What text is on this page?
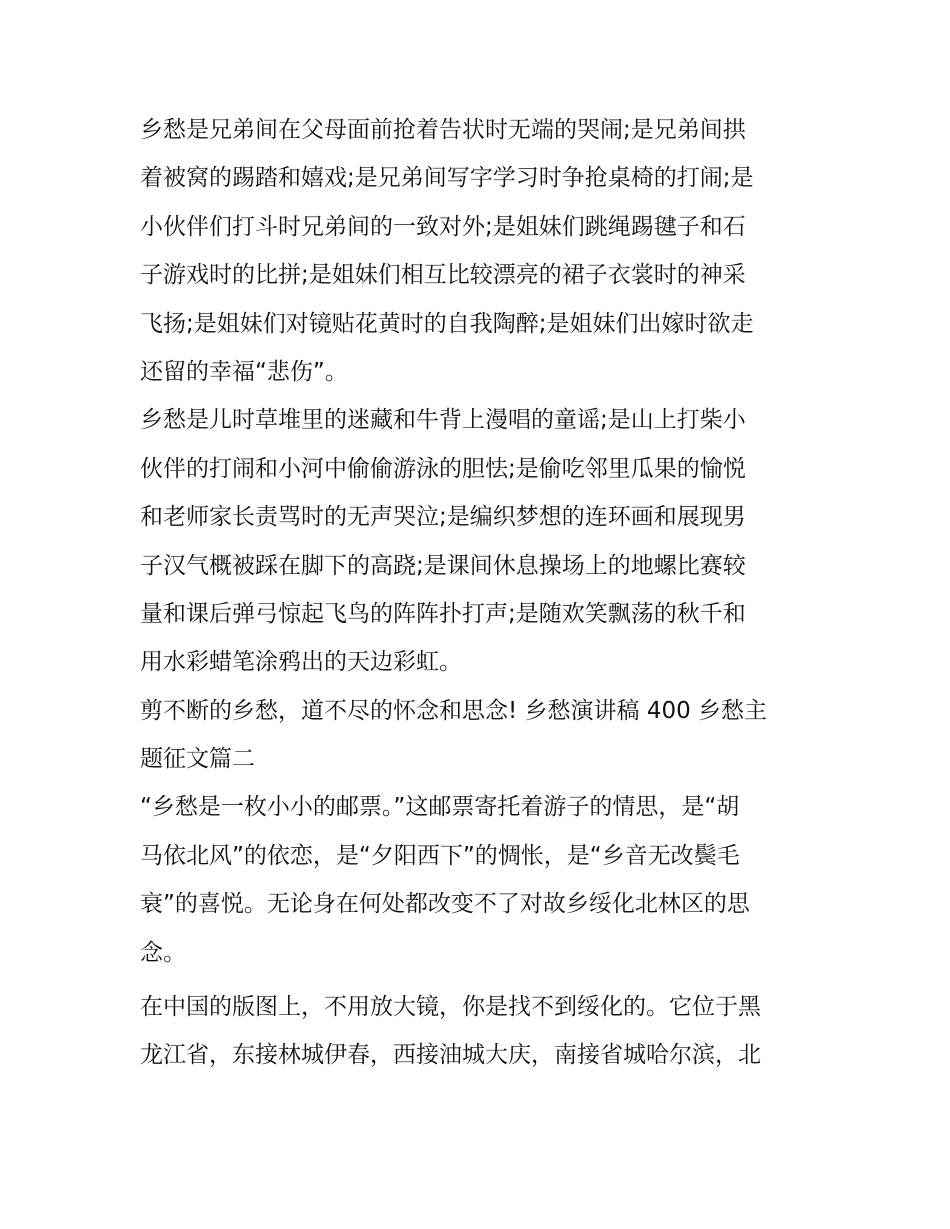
乡愁是兄弟间在父母面前抢着告状时无端的哭闹;是兄弟间拱
着被窝的踢踏和嬉戏;是兄弟间写字学习时争抢桌椅的打闹;是
小伙伴们打斗时兄弟间的一致对外;是姐妹们跳绳踢毽子和石
子游戏时的比拼;是姐妹们相互比较漂亮的裙子衣裳时的神采
飞扬;是姐妹们对镜贴花黄时的自我陶醉;是姐妹们出嫁时欲走
还留的幸福“悲伤”。
乡愁是儿时草堆里的迷藏和牛背上漫唱的童谣;是山上打柴小
伙伴的打闹和小河中偷偷游泳的胆怯;是偷吃邻里瓜果的愉悦
和老师家长责骂时的无声哭泣;是编织梦想的连环画和展现男
子汉气概被踩在脚下的高跷;是课间休息操场上的地螺比赛较
量和课后弹弓惊起飞鸟的阵阵扑打声;是随欢笑飘荡的秋千和
用水彩蜡笔涂鸦出的天边彩虹。
剪不断的乡愁，道不尽的怀念和思念! 乡愁演讲稿 400 乡愁主
题征文篇二
“乡愁是一枚小小的邮票。”这邮票寄托着游子的情思，是“胡
马依北风”的依恋，是“夕阳西下”的惆怅，是“乡音无改鬓毛
衰”的喜悦。无论身在何处都改变不了对故乡绥化北林区的思
念。
在中国的版图上，不用放大镜，你是找不到绥化的。它位于黑
龙江省，东接林城伊春，西接油城大庆，南接省城哈尔滨，北
